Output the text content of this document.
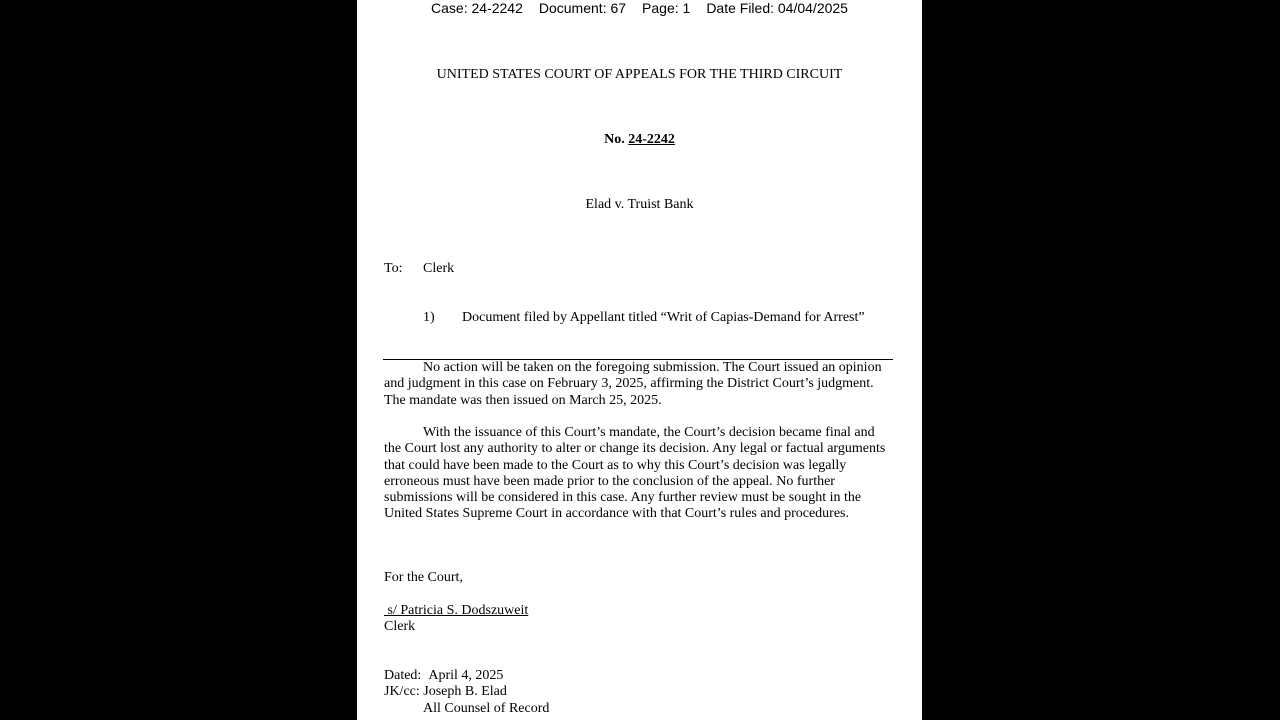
Case: 24-2242 Document: 67 Page: 1 Date Filed: 04/04/2025
UNITED STATES COURT OF APPEALS FOR THE THIRD CIRCUIT
No. 24-2242
Elad v. Truist Bank
To: Clerk
1) Document filed by Appellant titled “Writ of Capias-Demand for Arrest”

No action will be taken on the foregoing submission. The Court issued an opinion and judgment in this case on February 3, 2025, affirming the District Court’s judgment. The mandate was then issued on March 25, 2025.

With the issuance of this Court’s mandate, the Court’s decision became final and the Court lost any authority to alter or change its decision. Any legal or factual arguments that could have been made to the Court as to why this Court’s decision was legally erroneous must have been made prior to the conclusion of the appeal. No further submissions will be considered in this case. Any further review must be sought in the United States Supreme Court in accordance with that Court’s rules and procedures.

For the Court,
s/ Patricia S. Dodszuweit
Clerk
Dated: April 4, 2025
JK/cc: Joseph B. Elad
All Counsel of Record
